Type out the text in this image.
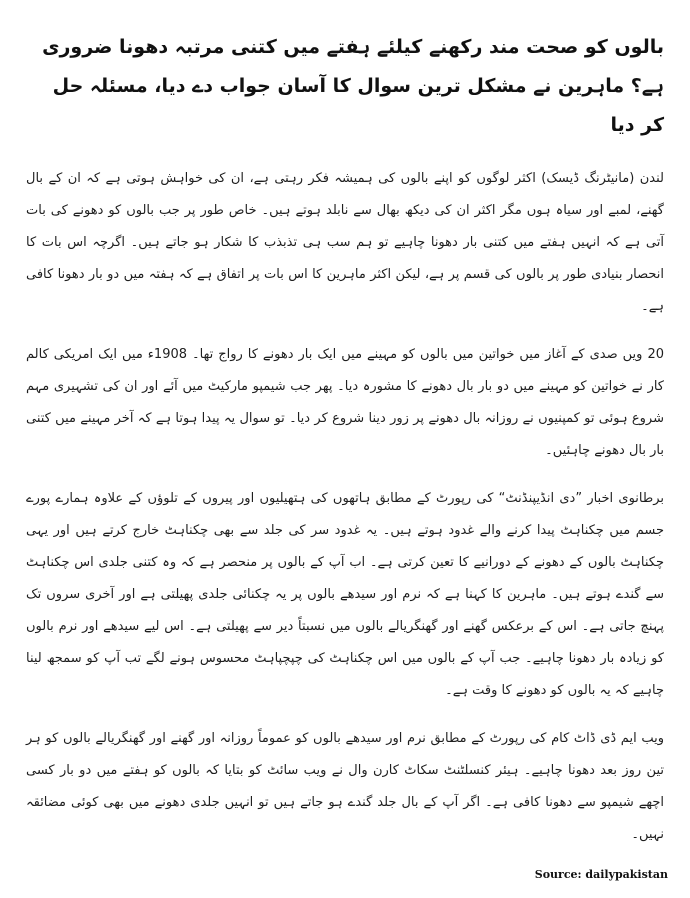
بالوں کو صحت مند رکھنے کیلئے ہفتے میں کتنی مرتبہ دھونا ضروری ہے؟ ماہرین نے مشکل ترین سوال کا آسان جواب دے دیا، مسئلہ حل کر دیا

لندن (مانیٹرنگ ڈیسک) اکثر لوگوں کو اپنے بالوں کی ہمیشہ فکر رہتی ہے، ان کی خواہش ہوتی ہے کہ ان کے بال گھنے، لمبے اور سیاہ ہوں مگر اکثر ان کی دیکھ بھال سے نابلد ہوتے ہیں۔ خاص طور پر جب بالوں کو دھونے کی بات آتی ہے کہ انہیں ہفتے میں کتنی بار دھونا چاہیے تو ہم سب ہی تذبذب کا شکار ہو جاتے ہیں۔ اگرچہ اس بات کا انحصار بنیادی طور پر بالوں کی قسم پر ہے، لیکن اکثر ماہرین کا اس بات پر اتفاق ہے کہ ہفتہ میں دو بار دھونا کافی ہے۔

20 ویں صدی کے آغاز میں خواتین میں بالوں کو مہینے میں ایک بار دھونے کا رواج تھا۔ 1908ء میں ایک امریکی کالم کار نے خواتین کو مہینے میں دو بار بال دھونے کا مشورہ دیا۔ پھر جب شیمپو مارکیٹ میں آئے اور ان کی تشہیری مہم شروع ہوئی تو کمپنیوں نے روزانہ بال دھونے پر زور دینا شروع کر دیا۔ تو سوال یہ پیدا ہوتا ہے کہ آخر مہینے میں کتنی بار بال دھونے چاہئیں۔

برطانوی اخبار ”دی انڈیپنڈنٹ“ کی رپورٹ کے مطابق ہاتھوں کی ہتھیلیوں اور پیروں کے تلوؤں کے علاوہ ہمارے پورے جسم میں چکناہٹ پیدا کرنے والے غدود ہوتے ہیں۔ یہ غدود سر کی جلد سے بھی چکناہٹ خارج کرتے ہیں اور یہی چکناہٹ بالوں کے دھونے کے دورانیے کا تعین کرتی ہے۔ اب آپ کے بالوں پر منحصر ہے کہ وہ کتنی جلدی اس چکناہٹ سے گندے ہوتے ہیں۔ ماہرین کا کہنا ہے کہ نرم اور سیدھے بالوں پر یہ چکنائی جلدی پھیلتی ہے اور آخری سروں تک پہنچ جاتی ہے۔ اس کے برعکس گھنے اور گھنگریالے بالوں میں نسبتاً دیر سے پھیلتی ہے۔ اس لیے سیدھے اور نرم بالوں کو زیادہ بار دھونا چاہیے۔ جب آپ کے بالوں میں اس چکناہٹ کی چپچپاہٹ محسوس ہونے لگے تب آپ کو سمجھ لینا چاہیے کہ یہ بالوں کو دھونے کا وقت ہے۔

ویب ایم ڈی ڈاٹ کام کی رپورٹ کے مطابق نرم اور سیدھے بالوں کو عموماً روزانہ اور گھنے اور گھنگریالے بالوں کو ہر تین روز بعد دھونا چاہیے۔ ہیئر کنسلٹنٹ سکاٹ کارن وال نے ویب سائٹ کو بتایا کہ بالوں کو ہفتے میں دو بار کسی اچھے شیمپو سے دھونا کافی ہے۔ اگر آپ کے بال جلد گندے ہو جاتے ہیں تو انہیں جلدی دھونے میں بھی کوئی مضائقہ نہیں۔

Source: dailypakistan
